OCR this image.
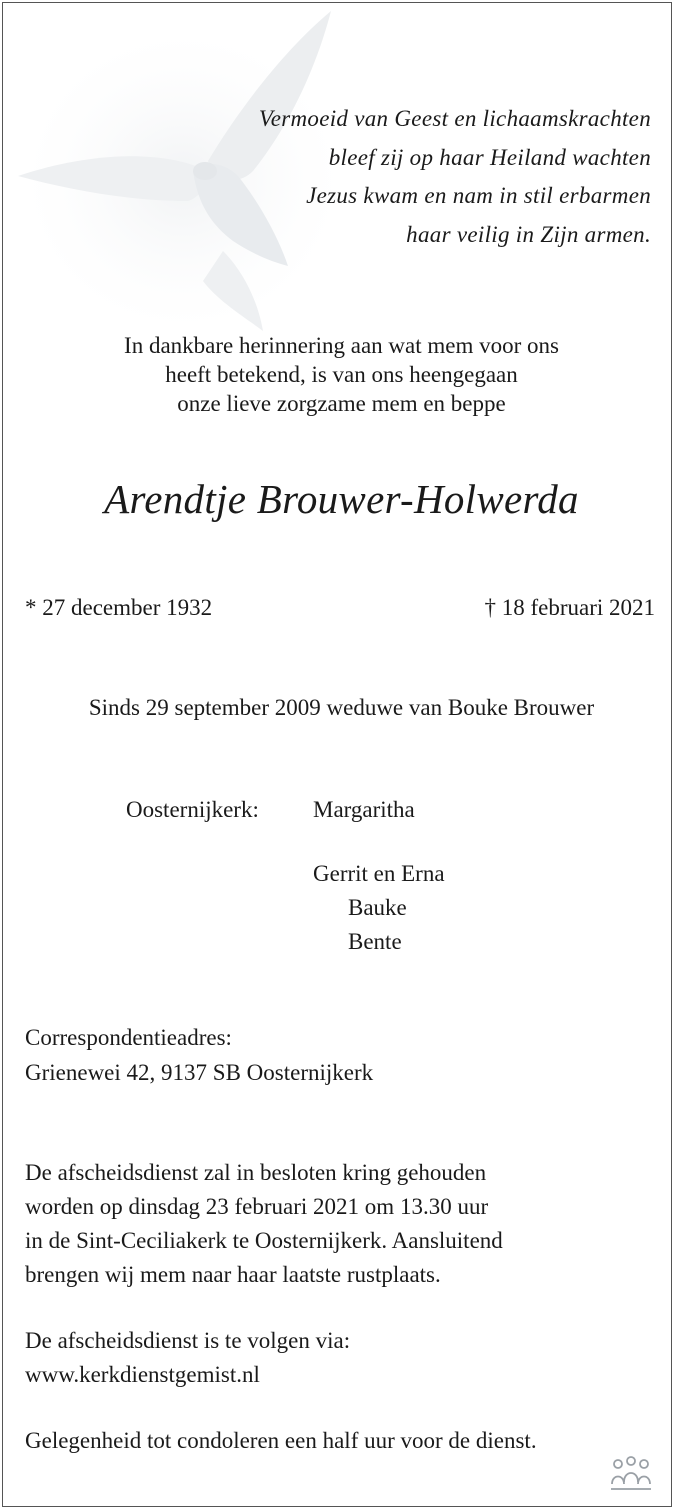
Vermoeid van Geest en lichaamskrachten
bleef zij op haar Heiland wachten
Jezus kwam en nam in stil erbarmen
haar veilig in Zijn armen.
In dankbare herinnering aan wat mem voor ons
heeft betekend, is van ons heengegaan
onze lieve zorgzame mem en beppe
Arendtje Brouwer-Holwerda
* 27 december 1932	† 18 februari 2021
Sinds 29 september 2009 weduwe van Bouke Brouwer
Oosternijkerk: Margaritha
Gerrit en Erna
Bauke
Bente
Correspondentieadres:
Grienewei 42, 9137 SB Oosternijkerk
De afscheidsdienst zal in besloten kring gehouden
worden op dinsdag 23 februari 2021 om 13.30 uur
in de Sint-Ceciliakerk te Oosternijkerk. Aansluitend
brengen wij mem naar haar laatste rustplaats.
De afscheidsdienst is te volgen via:
www.kerkdienstgemist.nl
Gelegenheid tot condoleren een half uur voor de dienst.
